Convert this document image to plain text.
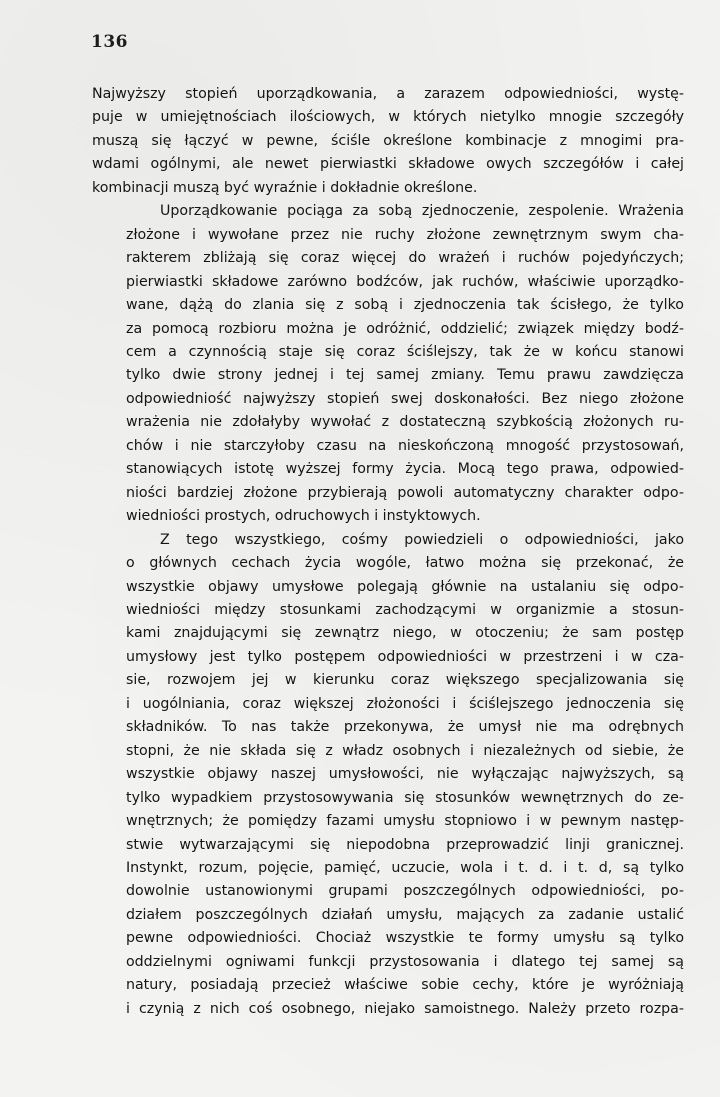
136
Najwyższy stopień uporządkowania, a zarazem odpowiedniości, wystę-
puje w umiejętnościach ilościowych, w których nietylko mnogie szczegóły
muszą się łączyć w pewne, ściśle określone kombinacje z mnogimi pra-
wdami ogólnymi, ale newet pierwiastki składowe owych szczegółów i całej
kombinacji muszą być wyraźnie i dokładnie określone.
Uporządkowanie pociąga za sobą zjednoczenie, zespolenie. Wrażenia
złożone i wywołane przez nie ruchy złożone zewnętrznym swym cha-
rakterem zbliżają się coraz więcej do wrażeń i ruchów pojedyńczych;
pierwiastki składowe zarówno bodźców, jak ruchów, właściwie uporządko-
wane, dążą do zlania się z sobą i zjednoczenia tak ścisłego, że tylko
za pomocą rozbioru można je odróżnić, oddzielić; związek między bodź-
cem a czynnością staje się coraz ściślejszy, tak że w końcu stanowi
tylko dwie strony jednej i tej samej zmiany. Temu prawu zawdzięcza
odpowiedniość najwyższy stopień swej doskonałości. Bez niego złożone
wrażenia nie zdołałyby wywołać z dostateczną szybkością złożonych ru-
chów i nie starczyłoby czasu na nieskończoną mnogość przystosowań,
stanowiących istotę wyższej formy życia. Mocą tego prawa, odpowied-
niości bardziej złożone przybierają powoli automatyczny charakter odpo-
wiedniości prostych, odruchowych i instyktowych.
Z tego wszystkiego, cośmy powiedzieli o odpowiedniości, jako
o głównych cechach życia wogóle, łatwo można się przekonać, że
wszystkie objawy umysłowe polegają głównie na ustalaniu się odpo-
wiedniości między stosunkami zachodzącymi w organizmie a stosun-
kami znajdującymi się zewnątrz niego, w otoczeniu; że sam postęp
umysłowy jest tylko postępem odpowiedniości w przestrzeni i w cza-
sie, rozwojem jej w kierunku coraz większego specjalizowania się
i uogólniania, coraz większej złożoności i ściślejszego jednoczenia się
składników. To nas także przekonywa, że umysł nie ma odrębnych
stopni, że nie składa się z władz osobnych i niezależnych od siebie, że
wszystkie objawy naszej umysłowości, nie wyłączając najwyższych, są
tylko wypadkiem przystosowywania się stosunków wewnętrznych do ze-
wnętrznych; że pomiędzy fazami umysłu stopniowo i w pewnym następ-
stwie wytwarzającymi się niepodobna przeprowadzić linji granicznej.
Instynkt, rozum, pojęcie, pamięć, uczucie, wola i t. d. i t. d, są tylko
dowolnie ustanowionymi grupami poszczególnych odpowiedniości, po-
działem poszczególnych działań umysłu, mających za zadanie ustalić
pewne odpowiedniości. Chociaż wszystkie te formy umysłu są tylko
oddzielnymi ogniwami funkcji przystosowania i dlatego tej samej są
natury, posiadają przecież właściwe sobie cechy, które je wyróżniają
i czynią z nich coś osobnego, niejako samoistnego. Należy przeto rozpa-
